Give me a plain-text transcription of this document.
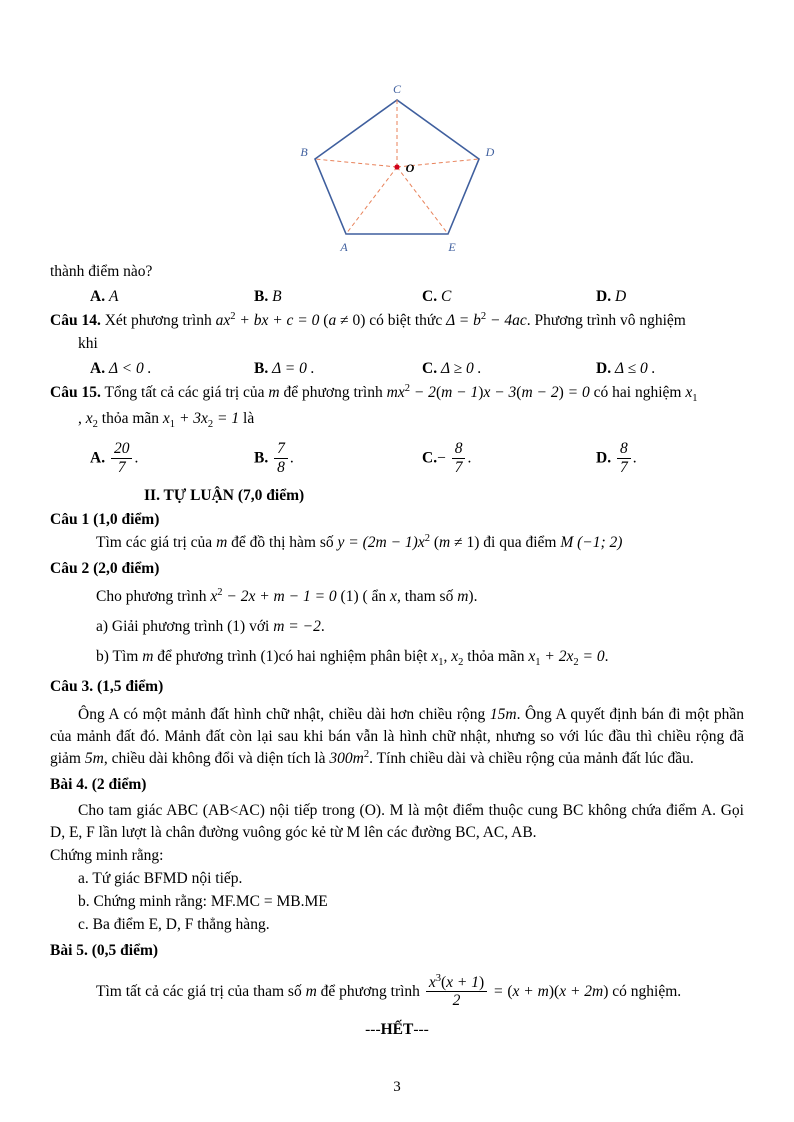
C
B	D
A	E
O
thành điểm nào?
A. A	B. B	C. C	D. D
Câu 14. Xét phương trình $ax^2$ + bx + c = 0 (a ≠ 0) có biệt thức $\Delta = b^2 - 4ac$. Phương trình vô nghiệm
khi
A. Δ < 0 .	B. Δ = 0 .	C. Δ ≥ 0 .	D. Δ ≤ 0 .
Câu 15. Tổng tất cả các giá trị của m để phương trình $mx^2 - 2(m - 1)x - 3(m - 2) = 0$ có hai nghiệm $x_1$
, $x_2$ thỏa mãn $x_1 + 3x_2 = 1$ là
A. $\frac{20}{7}$ .	B. $\frac{7}{8}$ .	$C.- \frac{8}{7}$ .	D. $\frac{8}{7}$ .
II. TỰ LUẬN (7,0 điểm)
Câu 1 (1,0 điểm)
Tìm các giá trị của m để đồ thị hàm số $y = (2m - 1)x^2$ (m ≠ 1) đi qua điểm M (−1; 2)
Câu 2 (2,0 điểm)
Cho phương trình $x^2 - 2x + m - 1 = 0$ (1) ( ẩn x, tham số m).
a) Giải phương trình (1) với m = −2.
b) Tìm m để phương trình (1)có hai nghiệm phân biệt $x_1$, $x_2$ thỏa mãn $x_1 + 2x_2 = 0$.
Câu 3. (1,5 điểm)
Ông A có một mảnh đất hình chữ nhật, chiều dài hơn chiều rộng 15m. Ông A quyết định bán đi một phần của mảnh đất đó. Mảnh đất còn lại sau khi bán vẫn là hình chữ nhật, nhưng so với lúc đầu thì chiều rộng đã giảm 5m, chiều dài không đổi và diện tích là $300m^2$. Tính chiều dài và chiều rộng của mảnh đất lúc đầu.
Bài 4. (2 điểm)
Cho tam giác ABC (AB<AC) nội tiếp trong (O). M là một điểm thuộc cung BC không chứa điểm A. Gọi D, E, F lần lượt là chân đường vuông góc kẻ từ M lên các đường BC, AC, AB.
Chứng minh rằng:
a. Tứ giác BFMD nội tiếp.
b. Chứng minh rằng: MF.MC = MB.ME
c. Ba điểm E, D, F thẳng hàng.
Bài 5. (0,5 điểm)
Tìm tất cả các giá trị của tham số m để phương trình $\frac{x^3(x + 1)}{2} = (x + m)(x + 2m)$ có nghiệm.
---HẾT---
3
